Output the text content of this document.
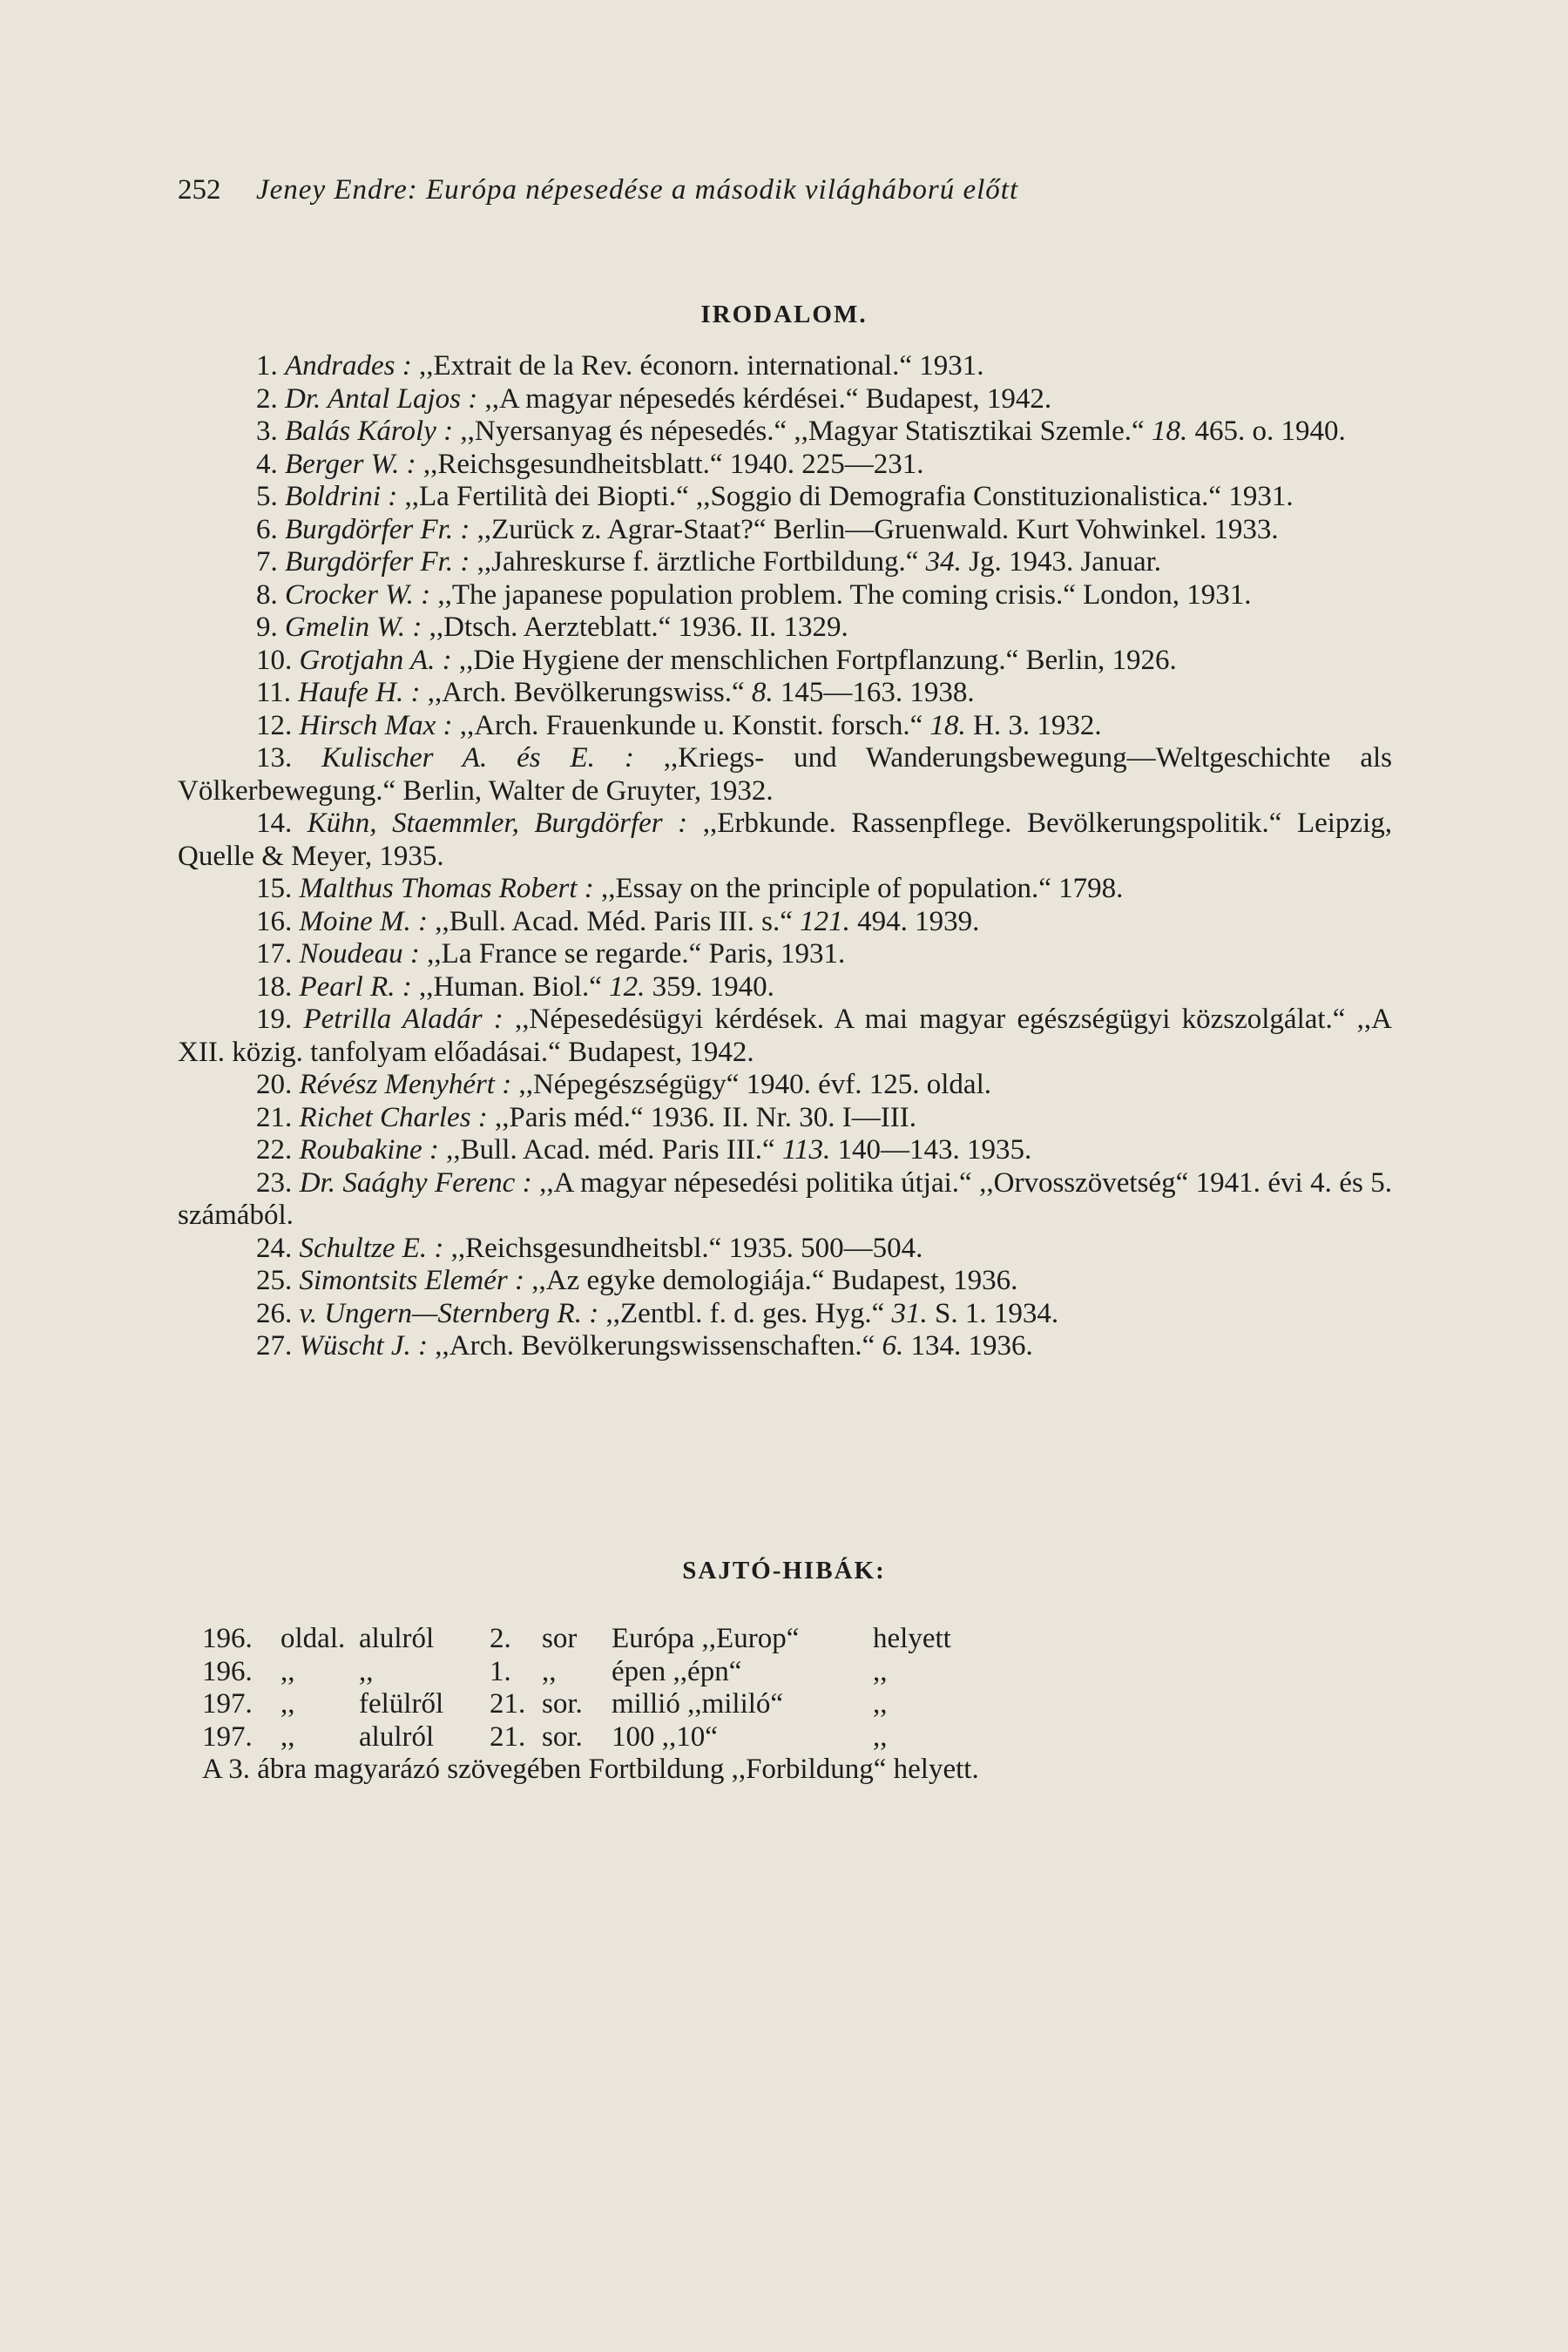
252 Jeney Endre: Európa népesedése a második világháború előtt
IRODALOM.

1. Andrades : ,,Extrait de la Rev. éconorn. international.“ 1931.

2. Dr. Antal Lajos : ,,A magyar népesedés kérdései.“ Budapest, 1942.

3. Balás Károly : ,,Nyersanyag és népesedés.“ ,,Magyar Statisztikai Szemle.“ 18. 465. o. 1940.

4. Berger W. : ,,Reichsgesundheitsblatt.“ 1940. 225—231.

5. Boldrini : ,,La Fertilità dei Biopti.“ ,,Soggio di Demografia Constituzionalistica.“ 1931.

6. Burgdörfer Fr. : ,,Zurück z. Agrar-Staat?“ Berlin—Gruenwald. Kurt Vohwinkel. 1933.

7. Burgdörfer Fr. : ,,Jahreskurse f. ärztliche Fortbildung.“ 34. Jg. 1943. Januar.

8. Crocker W. : ,,The japanese population problem. The coming crisis.“ London, 1931.

9. Gmelin W. : ,,Dtsch. Aerzteblatt.“ 1936. II. 1329.

10. Grotjahn A. : ,,Die Hygiene der menschlichen Fortpflanzung.“ Berlin, 1926.

11. Haufe H. : ,,Arch. Bevölkerungswiss.“ 8. 145—163. 1938.

12. Hirsch Max : ,,Arch. Frauenkunde u. Konstit. forsch.“ 18. H. 3. 1932.

13. Kulischer A. és E. : ,,Kriegs- und Wanderungsbewegung—Weltgeschichte als Völkerbewegung.“ Berlin, Walter de Gruyter, 1932.

14. Kühn, Staemmler, Burgdörfer : ,,Erbkunde. Rassenpflege. Bevölkerungspolitik.“ Leipzig, Quelle & Meyer, 1935.

15. Malthus Thomas Robert : ,,Essay on the principle of population.“ 1798.

16. Moine M. : ,,Bull. Acad. Méd. Paris III. s.“ 121. 494. 1939.

17. Noudeau : ,,La France se regarde.“ Paris, 1931.

18. Pearl R. : ,,Human. Biol.“ 12. 359. 1940.

19. Petrilla Aladár : ,,Népesedésügyi kérdések. A mai magyar egészségügyi közszolgálat.“ ,,A XII. közig. tanfolyam előadásai.“ Budapest, 1942.

20. Révész Menyhért : ,,Népegészségügy“ 1940. évf. 125. oldal.

21. Richet Charles : ,,Paris méd.“ 1936. II. Nr. 30. I—III.

22. Roubakine : ,,Bull. Acad. méd. Paris III.“ 113. 140—143. 1935.

23. Dr. Saághy Ferenc : ,,A magyar népesedési politika útjai.“ ,,Orvosszövetség“ 1941. évi 4. és 5. számából.

24. Schultze E. : ,,Reichsgesundheitsbl.“ 1935. 500—504.

25. Simontsits Elemér : ,,Az egyke demologiája.“ Budapest, 1936.

26. v. Ungern—Sternberg R. : ,,Zentbl. f. d. ges. Hyg.“ 31. S. 1. 1934.

27. Wüscht J. : ,,Arch. Bevölkerungswissenschaften.“ 6. 134. 1936.

SAJTÓ-HIBÁK:
196. oldal. alulról 2. sor Európa ,,Europ“	helyett
196. ,, ,,	1. ,, épen ,,épn“	,,
197. ,, felülről 21. sor. millió ,,mililó“	,,
197. ,, alulról 21. sor. 100 ,,10“	,,
A 3. ábra magyarázó szövegében Fortbildung ,,Forbildung“ helyett.
